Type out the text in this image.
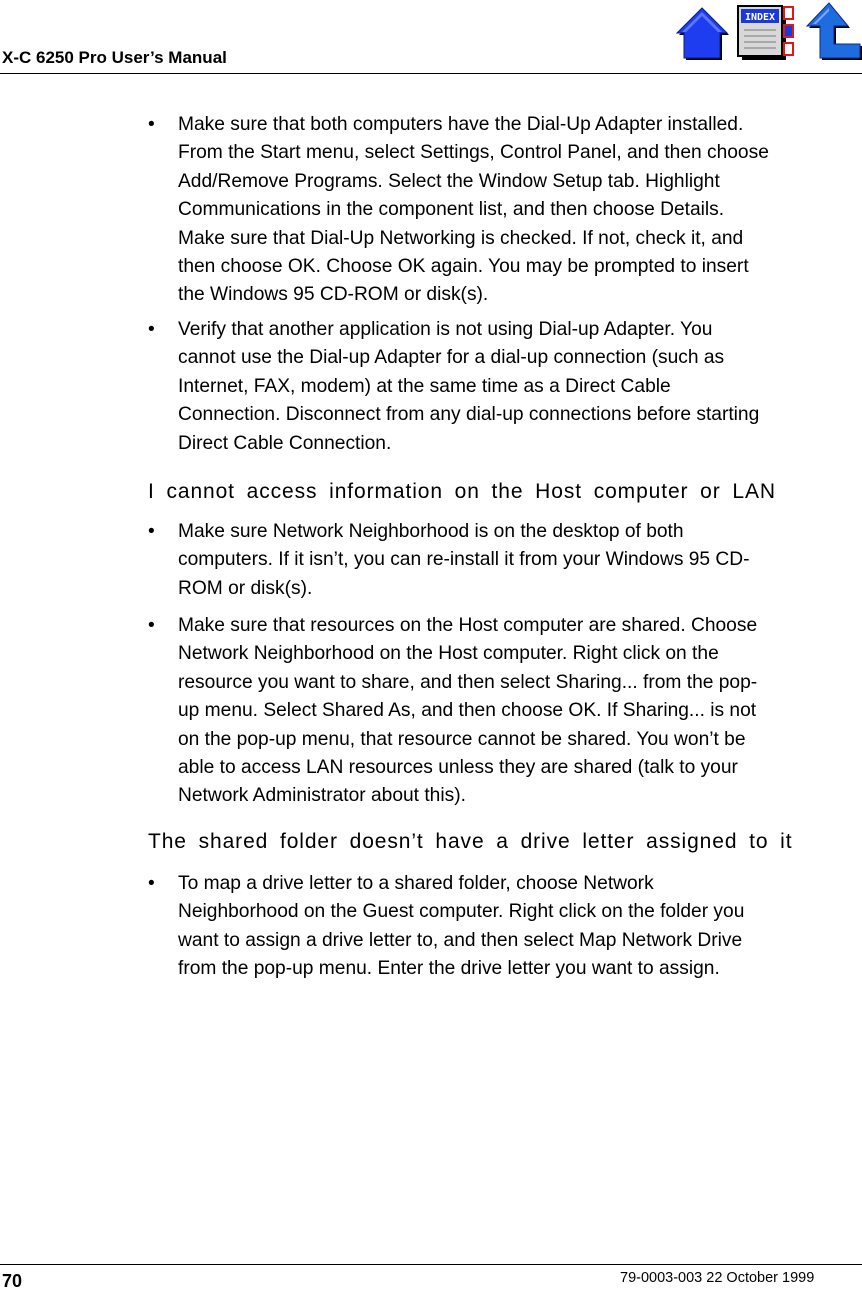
X-C 6250 Pro User’s Manual
INDEX
•	Make sure that both computers have the Dial-Up Adapter installed.
From the Start menu, select Settings, Control Panel, and then choose
Add/Remove Programs. Select the Window Setup tab. Highlight
Communications in the component list, and then choose Details.
Make sure that Dial-Up Networking is checked. If not, check it, and
then choose OK. Choose OK again. You may be prompted to insert
the Windows 95 CD-ROM or disk(s).
•	Verify that another application is not using Dial-up Adapter. You
cannot use the Dial-up Adapter for a dial-up connection (such as
Internet, FAX, modem) at the same time as a Direct Cable
Connection. Disconnect from any dial-up connections before starting
Direct Cable Connection.
I cannot access information on the Host computer or LAN
•	Make sure Network Neighborhood is on the desktop of both
computers. If it isn’t, you can re-install it from your Windows 95 CD-
ROM or disk(s).
•	Make sure that resources on the Host computer are shared. Choose
Network Neighborhood on the Host computer. Right click on the
resource you want to share, and then select Sharing... from the pop-
up menu. Select Shared As, and then choose OK. If Sharing... is not
on the pop-up menu, that resource cannot be shared. You won’t be
able to access LAN resources unless they are shared (talk to your
Network Administrator about this).
The shared folder doesn’t have a drive letter assigned to it
•	To map a drive letter to a shared folder, choose Network
Neighborhood on the Guest computer. Right click on the folder you
want to assign a drive letter to, and then select Map Network Drive
from the pop-up menu. Enter the drive letter you want to assign.
70	79-0003-003 22 October 1999
